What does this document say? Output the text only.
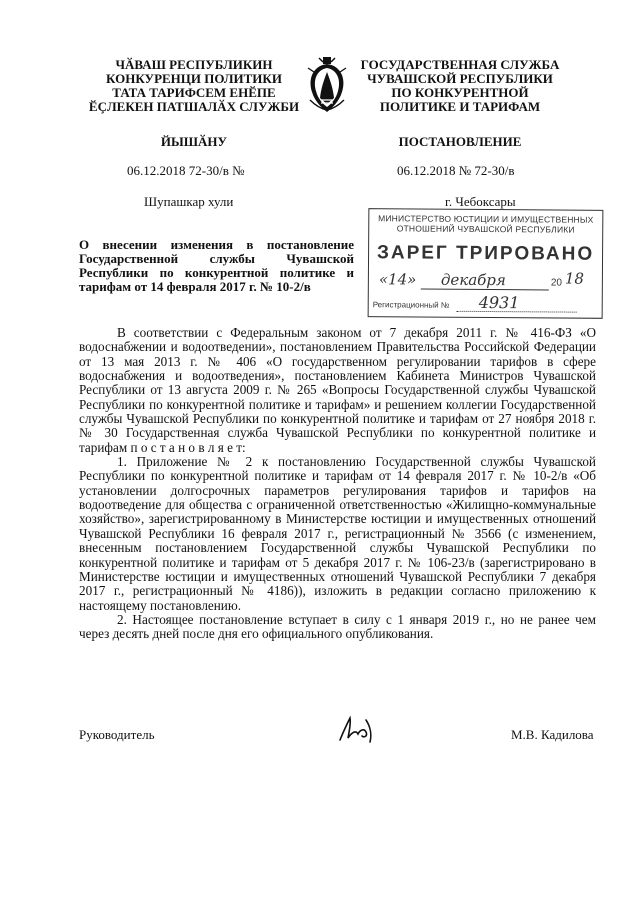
ЧӐВАШ РЕСПУБЛИКИН
КОНКУРЕНЦИ ПОЛИТИКИ
ТАТА ТАРИФСЕМ ЕНӖПЕ
ӖҪЛЕКЕН ПАТШАЛӐХ СЛУЖБИ
ГОСУДАРСТВЕННАЯ СЛУЖБА
ЧУВАШСКОЙ РЕСПУБЛИКИ
ПО КОНКУРЕНТНОЙ
ПОЛИТИКЕ И ТАРИФАМ
ЙЫШӐНУ	ПОСТАНОВЛЕНИЕ
06.12.2018 72-30/в №	06.12.2018 № 72-30/в
Шупашкар хули	г. Чебоксары
МИНИСТЕРСТВО ЮСТИЦИИ И ИМУЩЕСТВЕННЫХ
ОТНОШЕНИЙ ЧУВАШСКОЙ РЕСПУБЛИКИ
ЗАРЕГ ТРИРОВАНО
«14» декабря	20 18
Регистрационный № 4931
О внесении изменения в постановление
Государственной службы Чувашской
Республики по конкурентной политике и
тарифам от 14 февраля 2017 г. № 10-2/в

В соответствии с Федеральным законом от 7 декабря 2011 г. № 416-ФЗ «О водоснабжении и водоотведении», постановлением Правительства Российской Федерации от 13 мая 2013 г. № 406 «О государственном регулировании тарифов в сфере водоснабжения и водоотведения», постановлением Кабинета Министров Чувашской Республики от 13 августа 2009 г. № 265 «Вопросы Государственной службы Чувашской Республики по конкурентной политике и тарифам» и решением коллегии Государственной службы Чувашской Республики по конкурентной политике и тарифам от 27 ноября 2018 г. № 30 Государственная служба Чувашской Республики по конкурентной политике и тарифам п о с т а н о в л я е т:

1. Приложение № 2 к постановлению Государственной службы Чувашской Республики по конкурентной политике и тарифам от 14 февраля 2017 г. № 10-2/в «Об установлении долгосрочных параметров регулирования тарифов и тарифов на водоотведение для общества с ограниченной ответственностью «Жилищно-коммунальные хозяйство», зарегистрированному в Министерстве юстиции и имущественных отношений Чувашской Республики 16 февраля 2017 г., регистрационный № 3566 (с изменением, внесенным постановлением Государственной службы Чувашской Республики по конкурентной политике и тарифам от 5 декабря 2017 г. № 106-23/в (зарегистрировано в Министерстве юстиции и имущественных отношений Чувашской Республики 7 декабря 2017 г., регистрационный № 4186)), изложить в редакции согласно приложению к настоящему постановлению.

2. Настоящее постановление вступает в силу с 1 января 2019 г., но не ранее чем через десять дней после дня его официального опубликования.

Руководитель	М.В. Кадилова
